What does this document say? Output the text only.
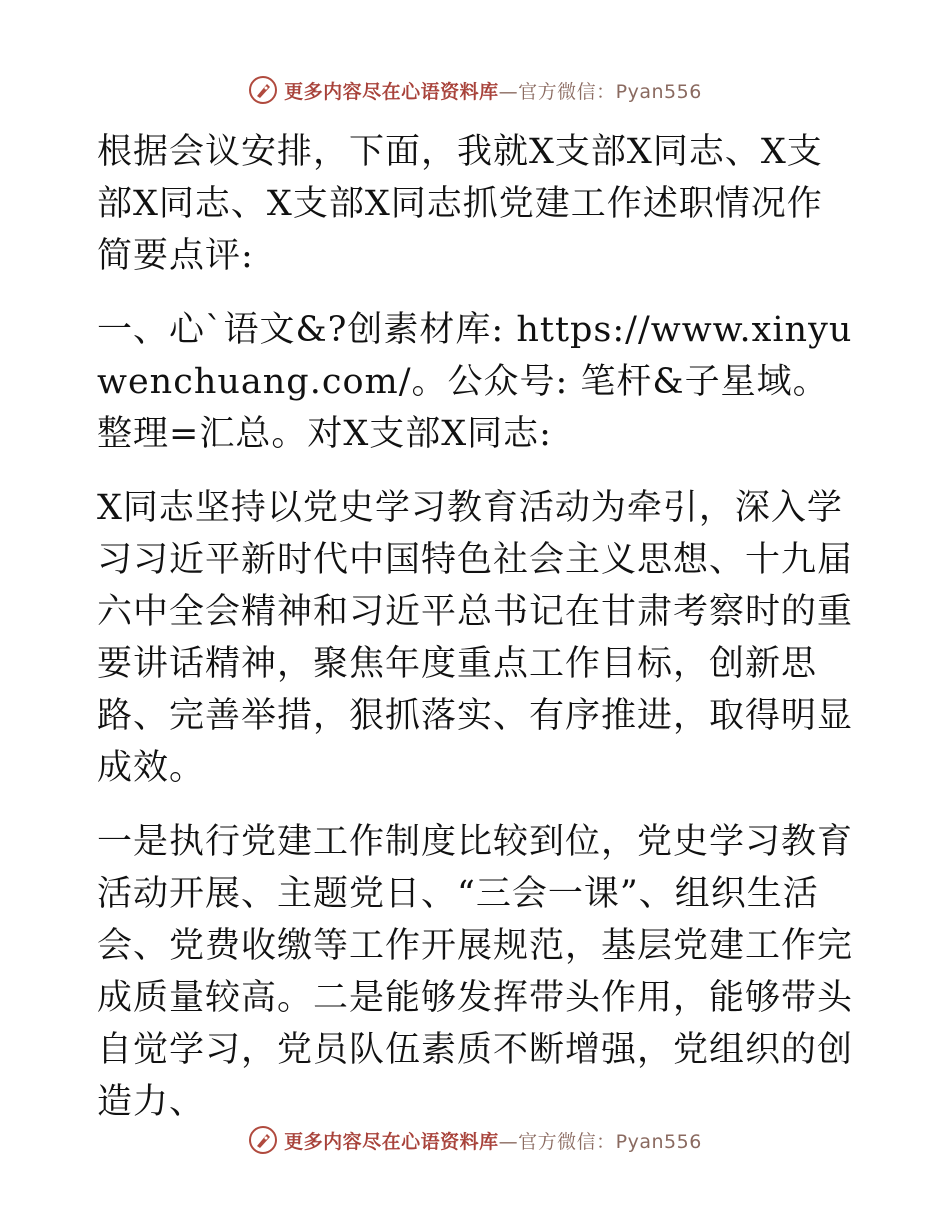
更多内容尽在心语资料库—官方微信：Pyan556

根据会议安排，下面，我就X支部X同志、X支部X同志、X支部X同志抓党建工作述职情况作简要点评:

一、心`语文&?创素材库: https://www.xinyuwenchuang.com/。公众号: 笔杆&子星域。整理=汇总。对X支部X同志:

X同志坚持以党史学习教育活动为牵引，深入学习习近平新时代中国特色社会主义思想、十九届六中全会精神和习近平总书记在甘肃考察时的重要讲话精神，聚焦年度重点工作目标，创新思路、完善举措，狠抓落实、有序推进，取得明显成效。

一是执行党建工作制度比较到位，党史学习教育活动开展、主题党日、“三会一课”、组织生活会、党费收缴等工作开展规范，基层党建工作完成质量较高。二是能够发挥带头作用，能够带头自觉学习，党员队伍素质不断增强，党组织的创造力、

更多内容尽在心语资料库—官方微信：Pyan556
